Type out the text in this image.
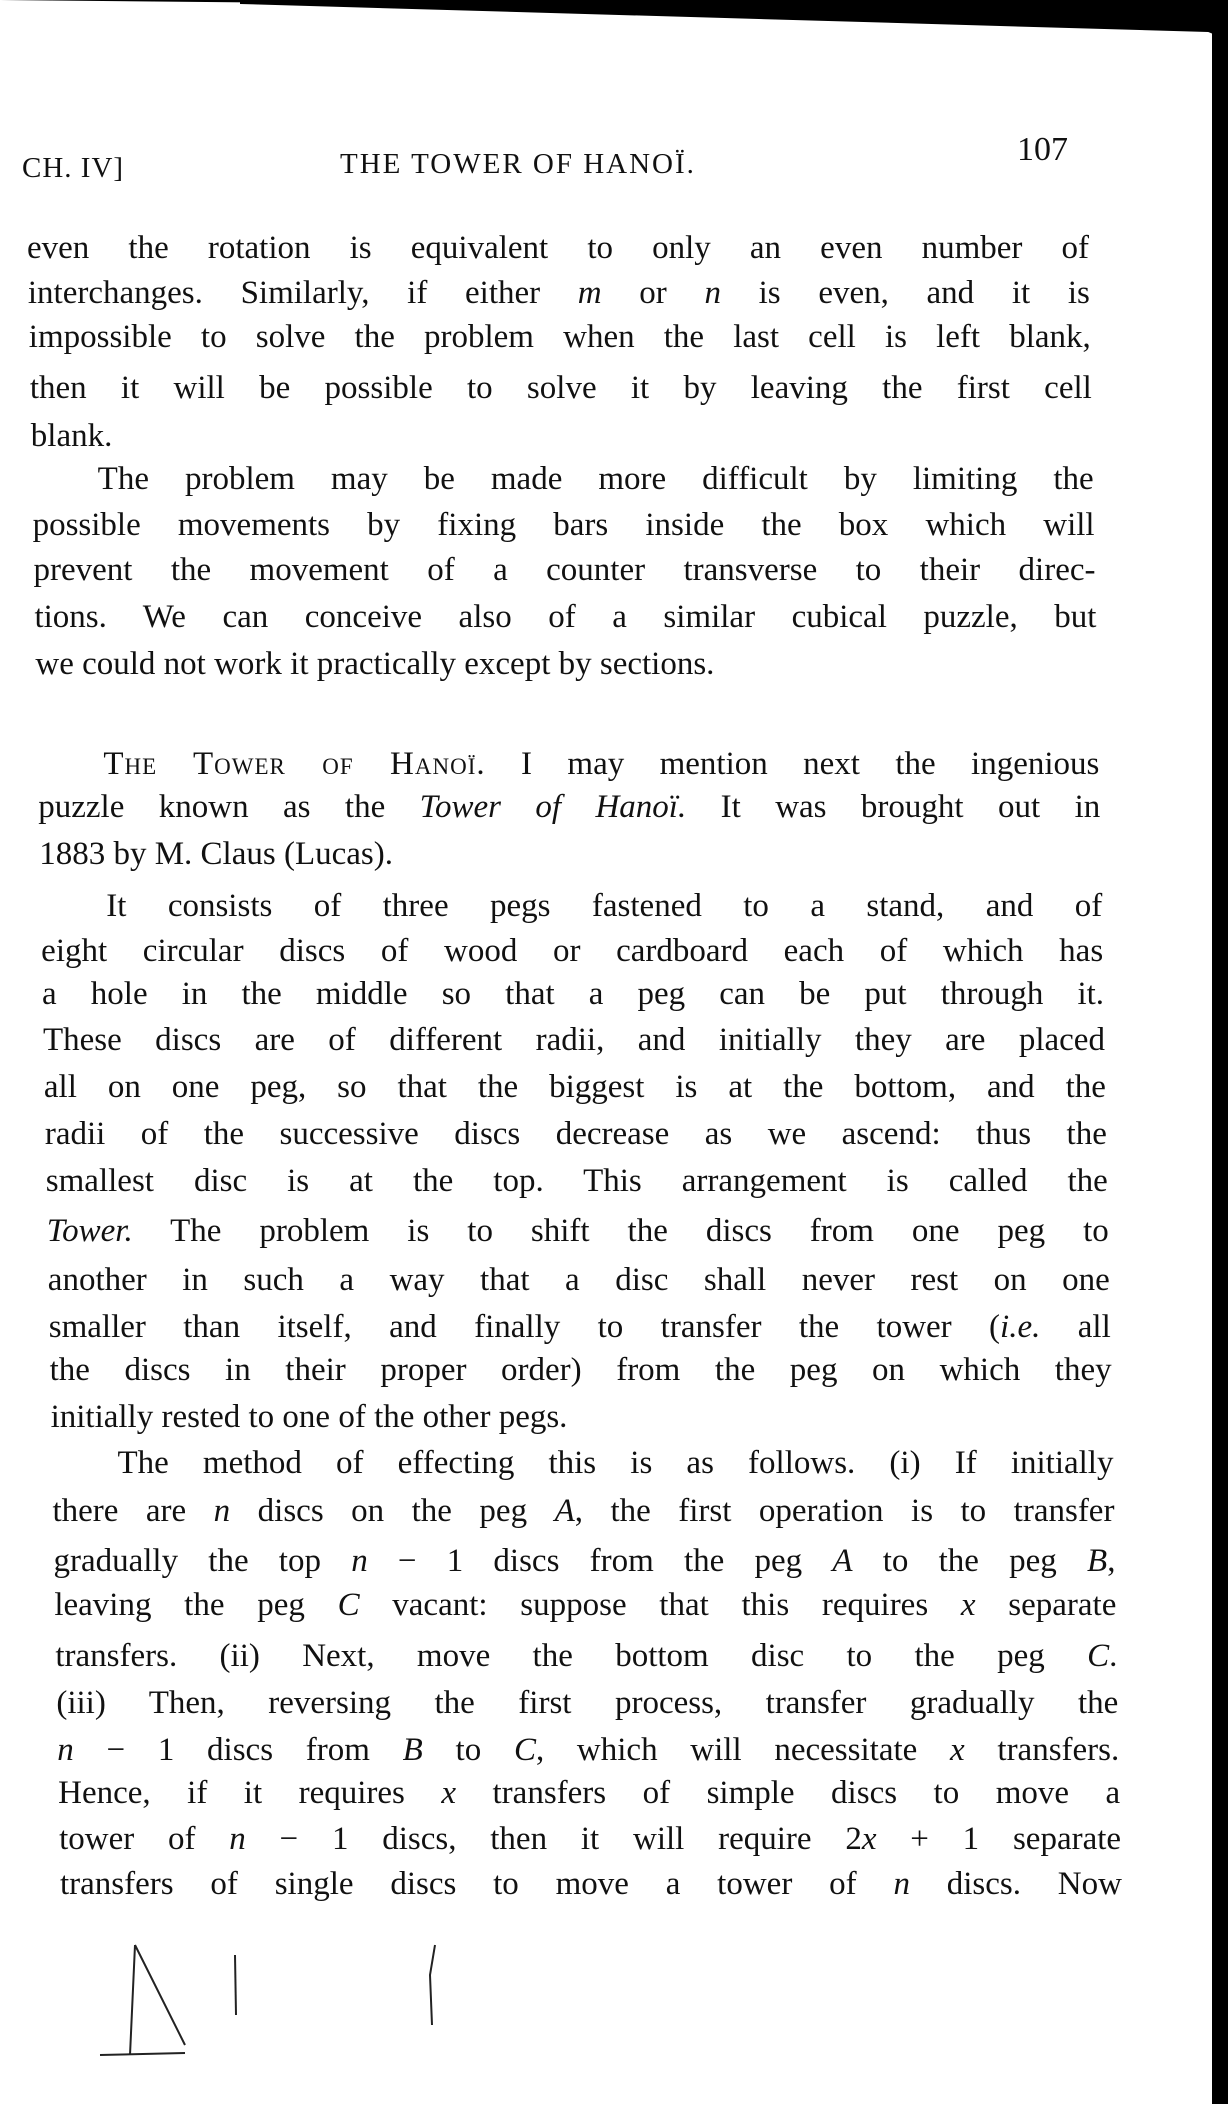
CH. IV]	THE TOWER OF HANOÏ.	107
even the rotation is equivalent to only an even number of
interchanges. Similarly, if either m or n is even, and it is
impossible to solve the problem when the last cell is left blank,
then it will be possible to solve it by leaving the first cell
blank.
The problem may be made more difficult by limiting the
possible movements by fixing bars inside the box which will
prevent the movement of a counter transverse to their direc-
tions. We can conceive also of a similar cubical puzzle, but
we could not work it practically except by sections.
The Tower of Hanoï. I may mention next the ingenious
puzzle known as the Tower of Hanoï. It was brought out in
1883 by M. Claus (Lucas).
It consists of three pegs fastened to a stand, and of
eight circular discs of wood or cardboard each of which has
a hole in the middle so that a peg can be put through it.
These discs are of different radii, and initially they are placed
all on one peg, so that the biggest is at the bottom, and the
radii of the successive discs decrease as we ascend: thus the
smallest disc is at the top. This arrangement is called the
Tower. The problem is to shift the discs from one peg to
another in such a way that a disc shall never rest on one
smaller than itself, and finally to transfer the tower (i.e. all
the discs in their proper order) from the peg on which they
initially rested to one of the other pegs.
The method of effecting this is as follows. (i) If initially
there are n discs on the peg A, the first operation is to transfer
gradually the top n − 1 discs from the peg A to the peg B,
leaving the peg C vacant: suppose that this requires x separate
transfers. (ii) Next, move the bottom disc to the peg C.
(iii) Then, reversing the first process, transfer gradually the
n − 1 discs from B to C, which will necessitate x transfers.
Hence, if it requires x transfers of simple discs to move a
tower of n − 1 discs, then it will require 2x + 1 separate
transfers of single discs to move a tower of n discs. Now
